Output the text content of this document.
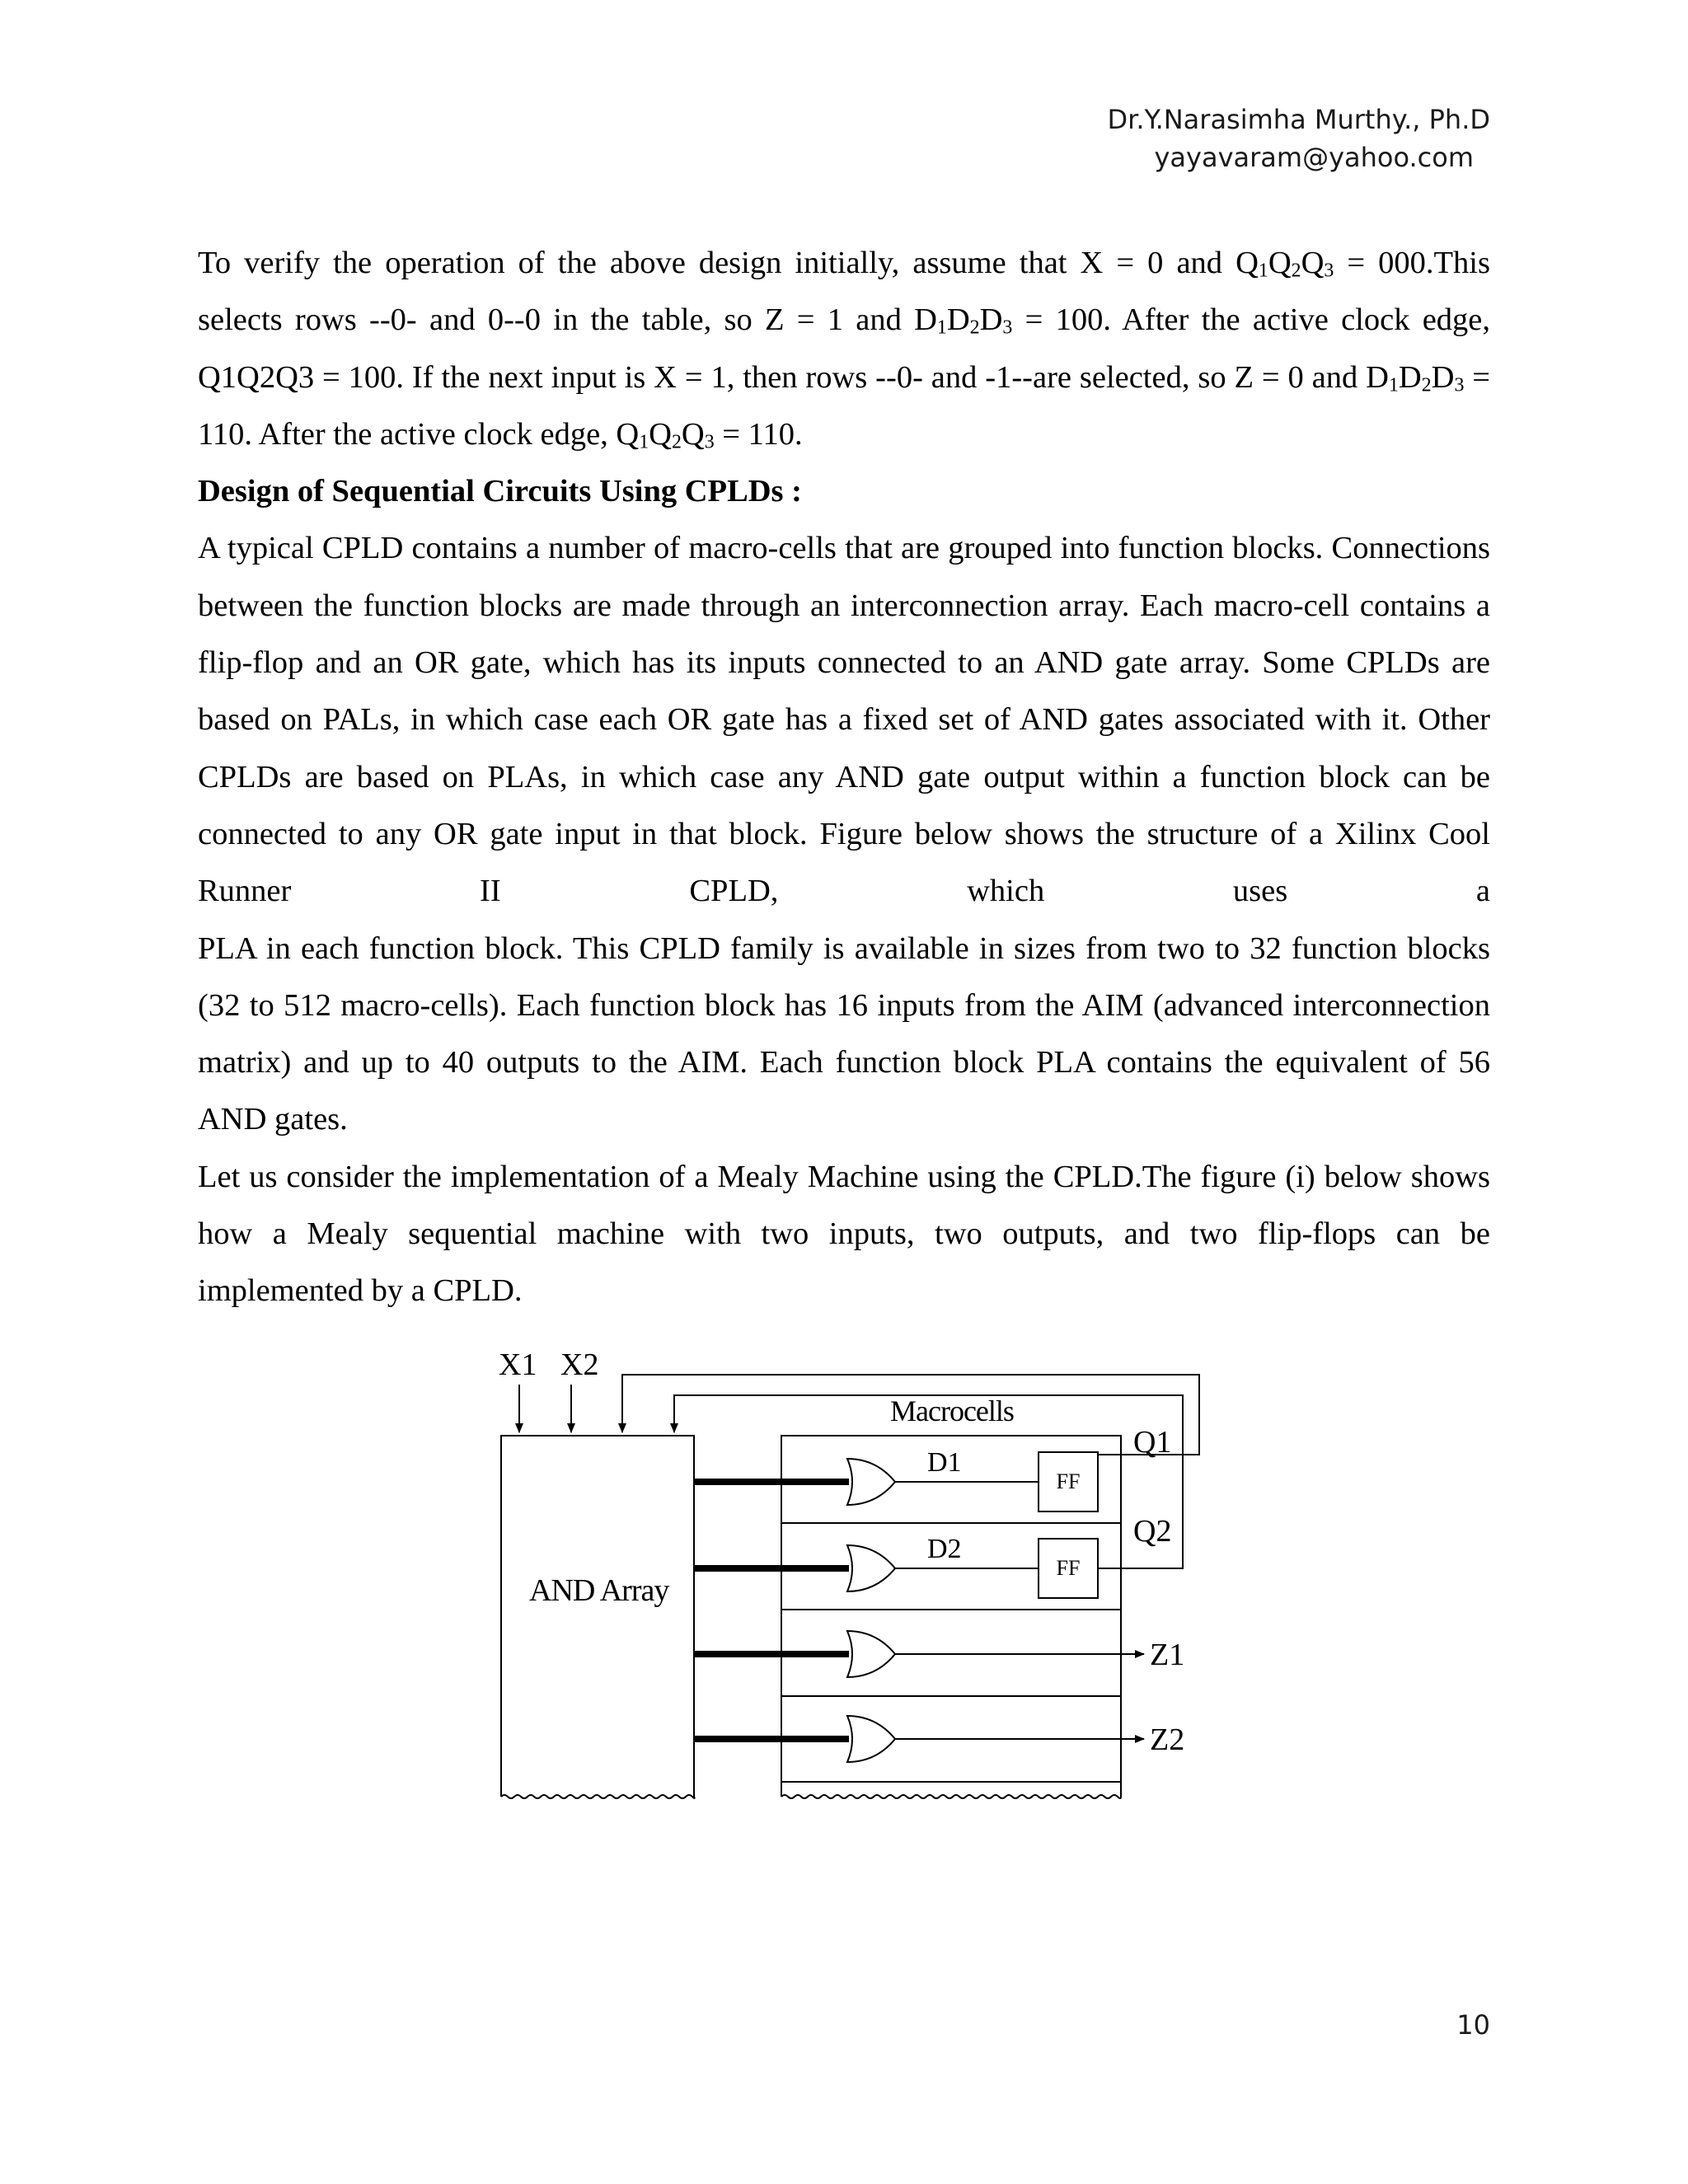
Dr.Y.Narasimha Murthy., Ph.D
yayavaram@yahoo.com

To verify the operation of the above design initially, assume that X = 0 and $Q_1Q_2Q_3$ = 000.This selects rows --0- and 0--0 in the table, so Z = 1 and $D_1D_2D_3 = 100$. After the active clock edge, Q1Q2Q3 = 100. If the next input is X = 1, then rows --0- and -1--are selected, so Z = 0 and $D_1D_2D_3 = 110$. After the active clock edge, $Q_1Q_2Q_3 = 110$.

Design of Sequential Circuits Using CPLDs :

A typical CPLD contains a number of macro-cells that are grouped into function blocks. Connections between the function blocks are made through an interconnection array. Each macro-cell contains a flip-flop and an OR gate, which has its inputs connected to an AND gate array. Some CPLDs are based on PALs, in which case each OR gate has a fixed set of AND gates associated with it. Other CPLDs are based on PLAs, in which case any AND gate output within a function block can be connected to any OR gate input in that block. Figure below shows the structure of a Xilinx Cool Runner II CPLD, which uses a

PLA in each function block. This CPLD family is available in sizes from two to 32 function blocks (32 to 512 macro-cells). Each function block has 16 inputs from the AIM (advanced interconnection matrix) and up to 40 outputs to the AIM. Each function block PLA contains the equivalent of 56 AND gates.

Let us consider the implementation of a Mealy Machine using the CPLD.The figure (i) below shows how a Mealy sequential machine with two inputs, two outputs, and two flip-flops can be implemented by a CPLD.

X1 X2
AND Array
Macrocells
D1
D2
FF
FF
Q1
Q2
Z1
Z2
10
